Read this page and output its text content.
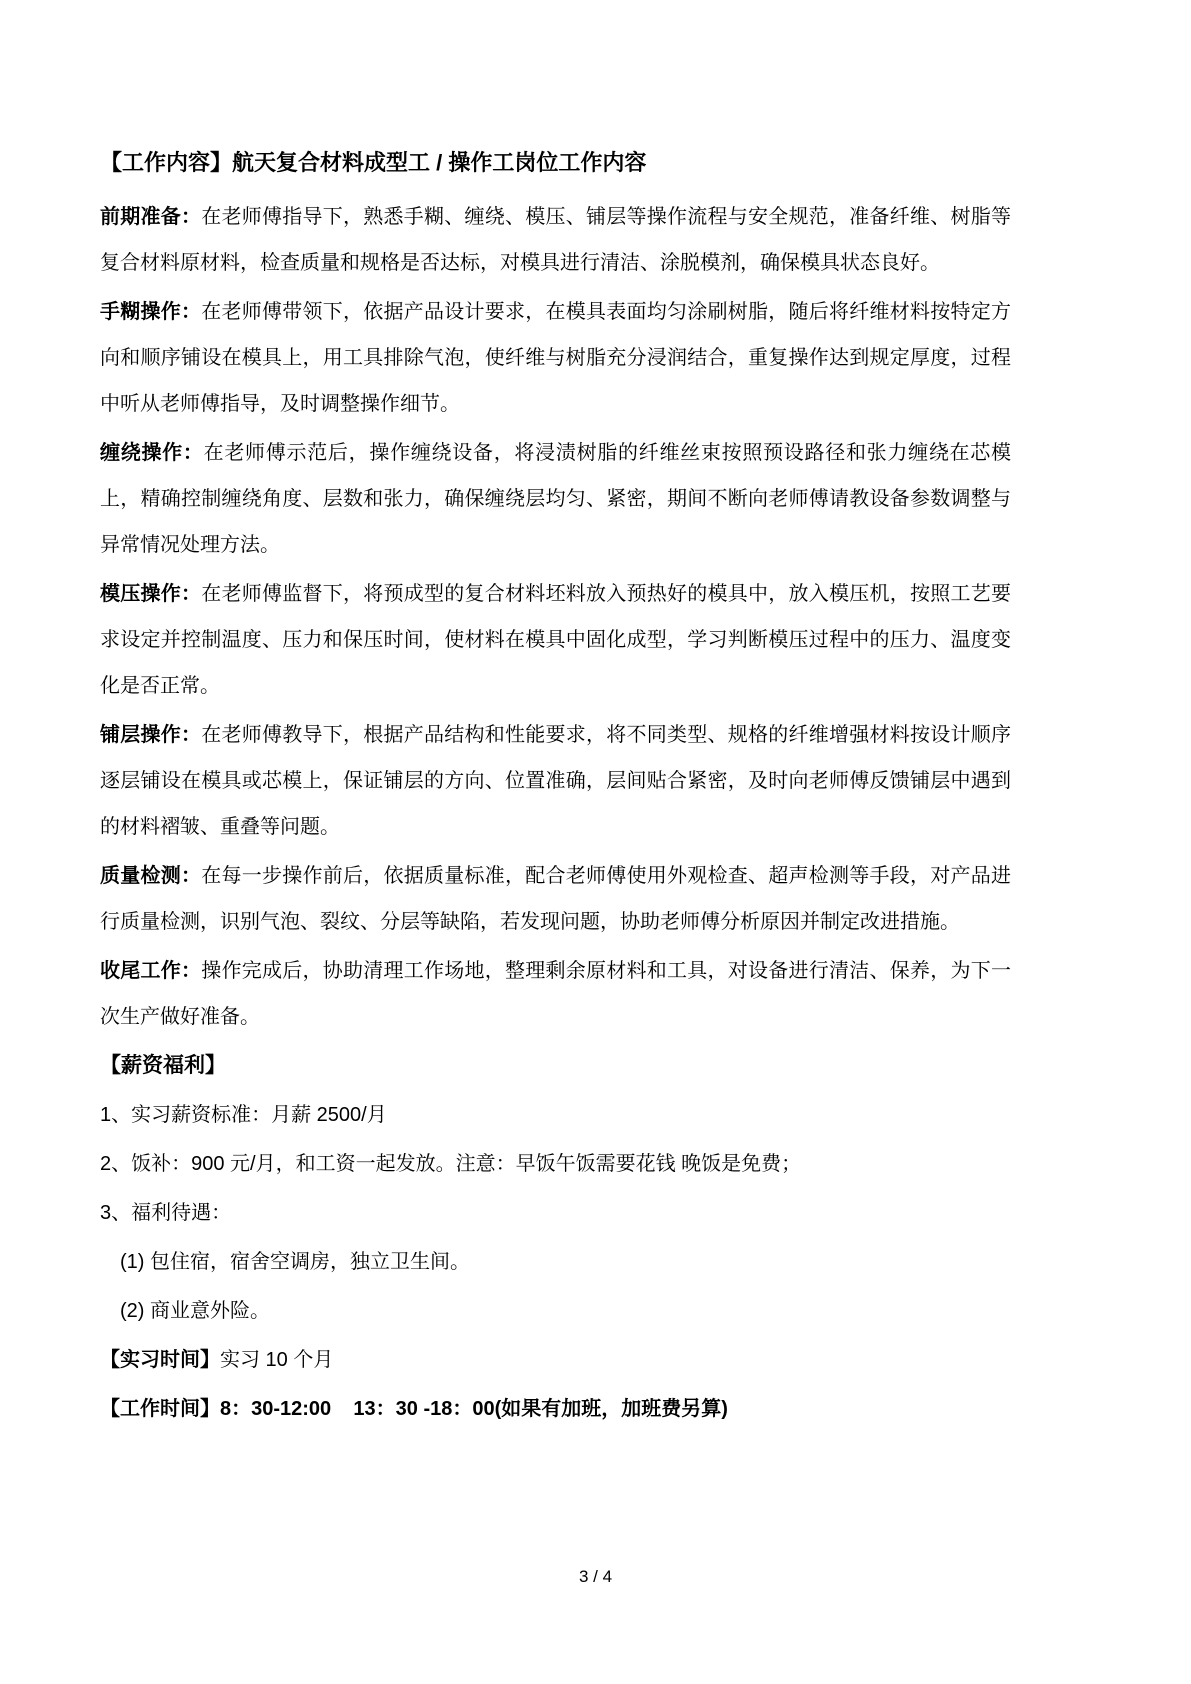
【工作内容】航天复合材料成型工 / 操作工岗位工作内容

前期准备：在老师傅指导下，熟悉手糊、缠绕、模压、铺层等操作流程与安全规范，准备纤维、树脂等复合材料原材料，检查质量和规格是否达标，对模具进行清洁、涂脱模剂，确保模具状态良好。

手糊操作：在老师傅带领下，依据产品设计要求，在模具表面均匀涂刷树脂，随后将纤维材料按特定方向和顺序铺设在模具上，用工具排除气泡，使纤维与树脂充分浸润结合，重复操作达到规定厚度，过程中听从老师傅指导，及时调整操作细节。

缠绕操作：在老师傅示范后，操作缠绕设备，将浸渍树脂的纤维丝束按照预设路径和张力缠绕在芯模上，精确控制缠绕角度、层数和张力，确保缠绕层均匀、紧密，期间不断向老师傅请教设备参数调整与异常情况处理方法。

模压操作：在老师傅监督下，将预成型的复合材料坯料放入预热好的模具中，放入模压机，按照工艺要求设定并控制温度、压力和保压时间，使材料在模具中固化成型，学习判断模压过程中的压力、温度变化是否正常。

铺层操作：在老师傅教导下，根据产品结构和性能要求，将不同类型、规格的纤维增强材料按设计顺序逐层铺设在模具或芯模上，保证铺层的方向、位置准确，层间贴合紧密，及时向老师傅反馈铺层中遇到的材料褶皱、重叠等问题。

质量检测：在每一步操作前后，依据质量标准，配合老师傅使用外观检查、超声检测等手段，对产品进行质量检测，识别气泡、裂纹、分层等缺陷，若发现问题，协助老师傅分析原因并制定改进措施。

收尾工作：操作完成后，协助清理工作场地，整理剩余原材料和工具，对设备进行清洁、保养，为下一次生产做好准备。

【薪资福利】

1、实习薪资标准：月薪 2500/月

2、饭补：900 元/月，和工资一起发放。注意：早饭午饭需要花钱 晚饭是免费；

3、福利待遇：

(1) 包住宿，宿舍空调房，独立卫生间。

(2) 商业意外险。

【实习时间】实习 10 个月

【工作时间】8：30-12:00    13：30 -18：00(如果有加班，加班费另算)

3 / 4
